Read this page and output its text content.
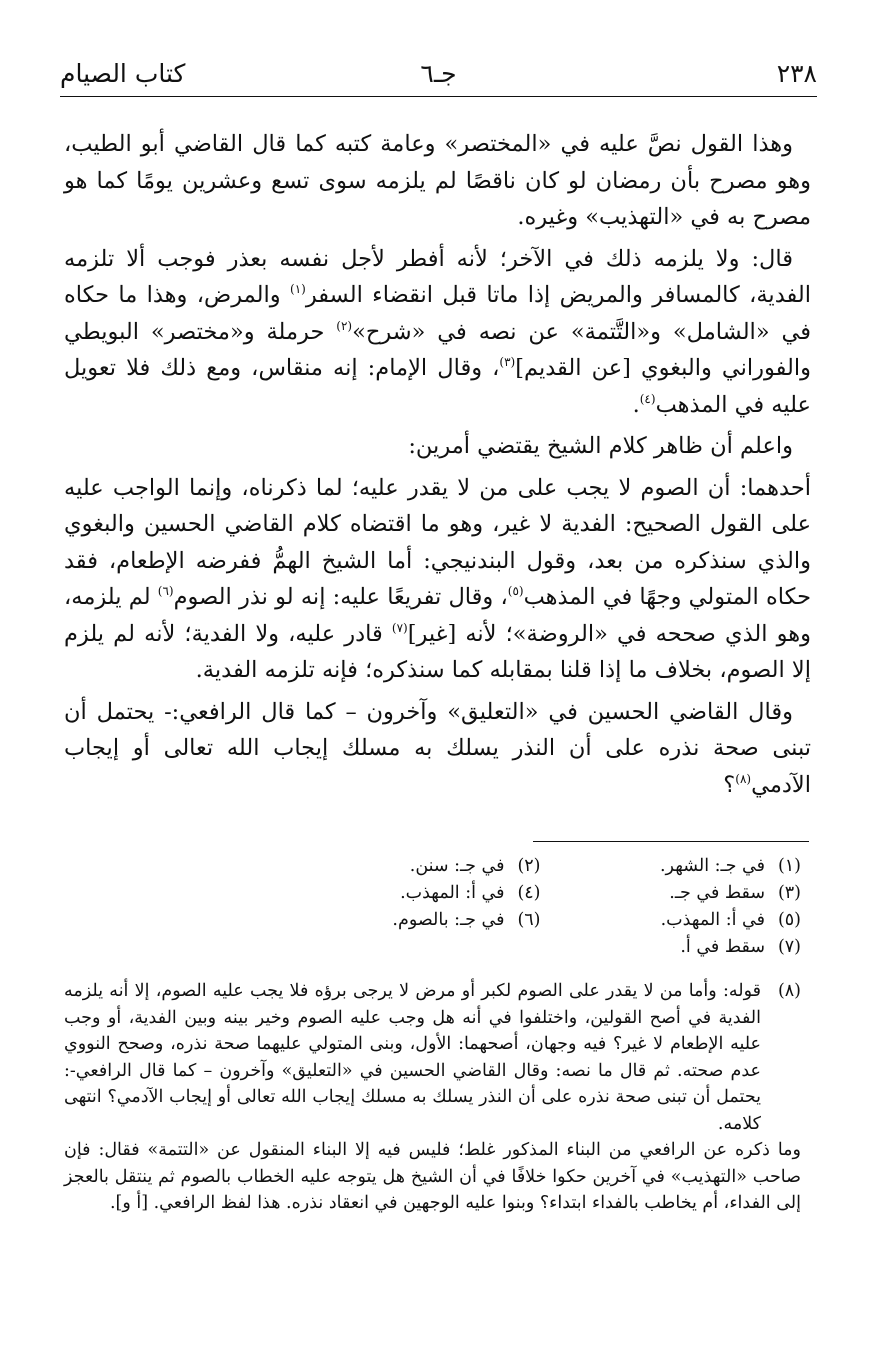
٢٣٨
جـ٦
كتاب الصيام

وهذا القول نصَّ عليه في «المختصر» وعامة كتبه كما قال القاضي أبو الطيب، وهو مصرح بأن رمضان لو كان ناقصًا لم يلزمه سوى تسع وعشرين يومًا كما هو مصرح به في «التهذيب» وغيره.

قال: ولا يلزمه ذلك في الآخر؛ لأنه أفطر لأجل نفسه بعذر فوجب ألا تلزمه الفدية، كالمسافر والمريض إذا ماتا قبل انقضاء السفر$^{(١)}$ والمرض، وهذا ما حكاه في «الشامل» و«التَّتمة» عن نصه في «شرح»$^{(٢)}$ حرملة و«مختصر» البويطي والفوراني والبغوي [عن القديم]$^{(٣)}$، وقال الإمام: إنه منقاس، ومع ذلك فلا تعويل عليه في المذهب$^{(٤)}$.

واعلم أن ظاهر كلام الشيخ يقتضي أمرين:

أحدهما: أن الصوم لا يجب على من لا يقدر عليه؛ لما ذكرناه، وإنما الواجب عليه على القول الصحيح: الفدية لا غير، وهو ما اقتضاه كلام القاضي الحسين والبغوي والذي سنذكره من بعد، وقول البندنيجي: أما الشيخ الهمُّ ففرضه الإطعام، فقد حكاه المتولي وجهًا في المذهب$^{(٥)}$، وقال تفريعًا عليه: إنه لو نذر الصوم$^{(٦)}$ لم يلزمه، وهو الذي صححه في «الروضة»؛ لأنه [غير]$^{(٧)}$ قادر عليه، ولا الفدية؛ لأنه لم يلزم إلا الصوم، بخلاف ما إذا قلنا بمقابله كما سنذكره؛ فإنه تلزمه الفدية.

وقال القاضي الحسين في «التعليق» وآخرون – كما قال الرافعي:- يحتمل أن تبنى صحة نذره على أن النذر يسلك به مسلك إيجاب الله تعالى أو إيجاب الآدمي$^{(٨)}$؟

(١)في جـ: الشهر.
(٢)في جـ: سنن.
(٣)سقط في جـ.
(٤)في أ: المهذب.
(٥)في أ: المهذب.
(٦)في جـ: بالصوم.
(٧)سقط في أ.

(٨)قوله: وأما من لا يقدر على الصوم لكبر أو مرض لا يرجى برؤه فلا يجب عليه الصوم، إلا أنه يلزمه الفدية في أصح القولين، واختلفوا في أنه هل وجب عليه الصوم وخير بينه وبين الفدية، أو وجب عليه الإطعام لا غير؟ فيه وجهان، أصحهما: الأول، وبنى المتولي عليهما صحة نذره، وصحح النووي عدم صحته. ثم قال ما نصه: وقال القاضي الحسين في «التعليق» وآخرون – كما قال الرافعي-: يحتمل أن تبنى صحة نذره على أن النذر يسلك به مسلك إيجاب الله تعالى أو إيجاب الآدمي؟ انتهى كلامه.

وما ذكره عن الرافعي من البناء المذكور غلط؛ فليس فيه إلا البناء المنقول عن «التتمة» فقال: فإن صاحب «التهذيب» في آخرين حكوا خلافًا في أن الشيخ هل يتوجه عليه الخطاب بالصوم ثم ينتقل بالعجز إلى الفداء، أم يخاطب بالفداء ابتداء؟ وبنوا عليه الوجهين في انعقاد نذره. هذا لفظ الرافعي. [أ و].
